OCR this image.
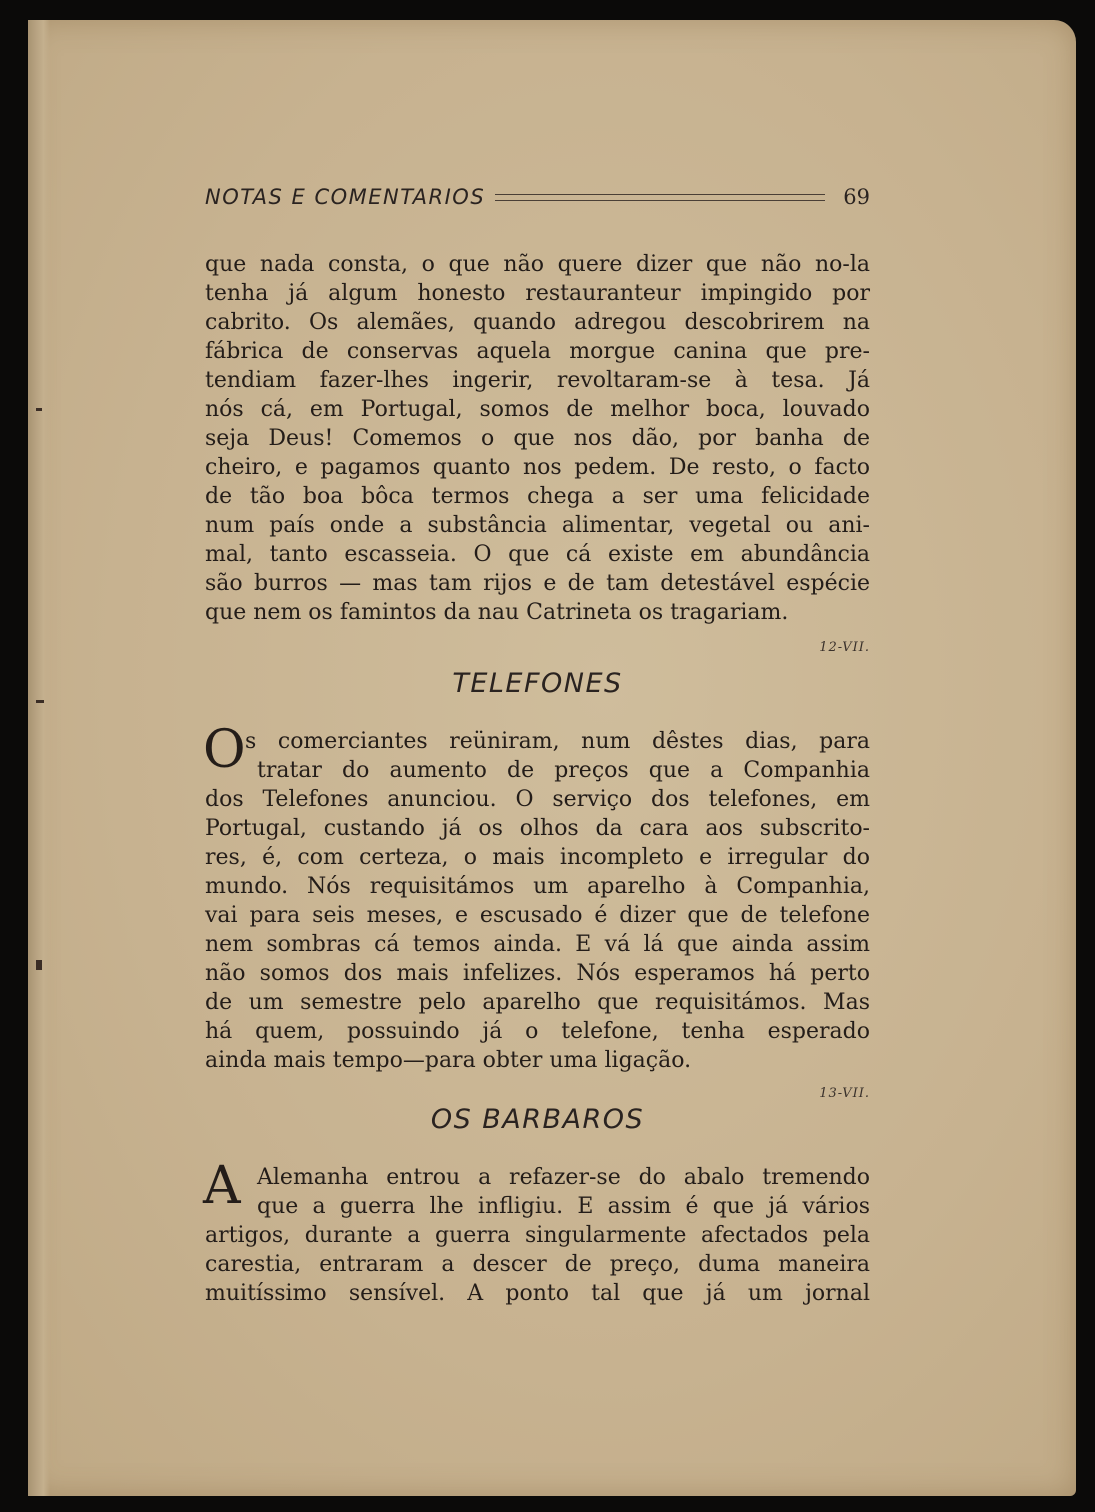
NOTAS E COMENTARIOS	69
que nada consta, o que não quere dizer que não no-la
tenha já algum honesto restauranteur impingido por
cabrito. Os alemães, quando adregou descobrirem na
fábrica de conservas aquela morgue canina que pre-
tendiam fazer-lhes ingerir, revoltaram-se à tesa. Já
nós cá, em Portugal, somos de melhor boca, louvado
seja Deus! Comemos o que nos dão, por banha de
cheiro, e pagamos quanto nos pedem. De resto, o facto
de tão boa bôca termos chega a ser uma felicidade
num país onde a substância alimentar, vegetal ou ani-
mal, tanto escasseia. O que cá existe em abundância
são burros — mas tam rijos e de tam detestável espécie
que nem os famintos da nau Catrineta os tragariam.
12-VII.
TELEFONES
O s comerciantes reüniram, num dêstes dias, para
tratar do aumento de preços que a Companhia
dos Telefones anunciou. O serviço dos telefones, em
Portugal, custando já os olhos da cara aos subscrito-
res, é, com certeza, o mais incompleto e irregular do
mundo. Nós requisitámos um aparelho à Companhia,
vai para seis meses, e escusado é dizer que de telefone
nem sombras cá temos ainda. E vá lá que ainda assim
não somos dos mais infelizes. Nós esperamos há perto
de um semestre pelo aparelho que requisitámos. Mas
há quem, possuindo já o telefone, tenha esperado
ainda mais tempo—para obter uma ligação.
13-VII.
OS BARBAROS
A Alemanha entrou a refazer-se do abalo tremendo
que a guerra lhe infligiu. E assim é que já vários
artigos, durante a guerra singularmente afectados pela
carestia, entraram a descer de preço, duma maneira
muitíssimo sensível. A ponto tal que já um jornal
